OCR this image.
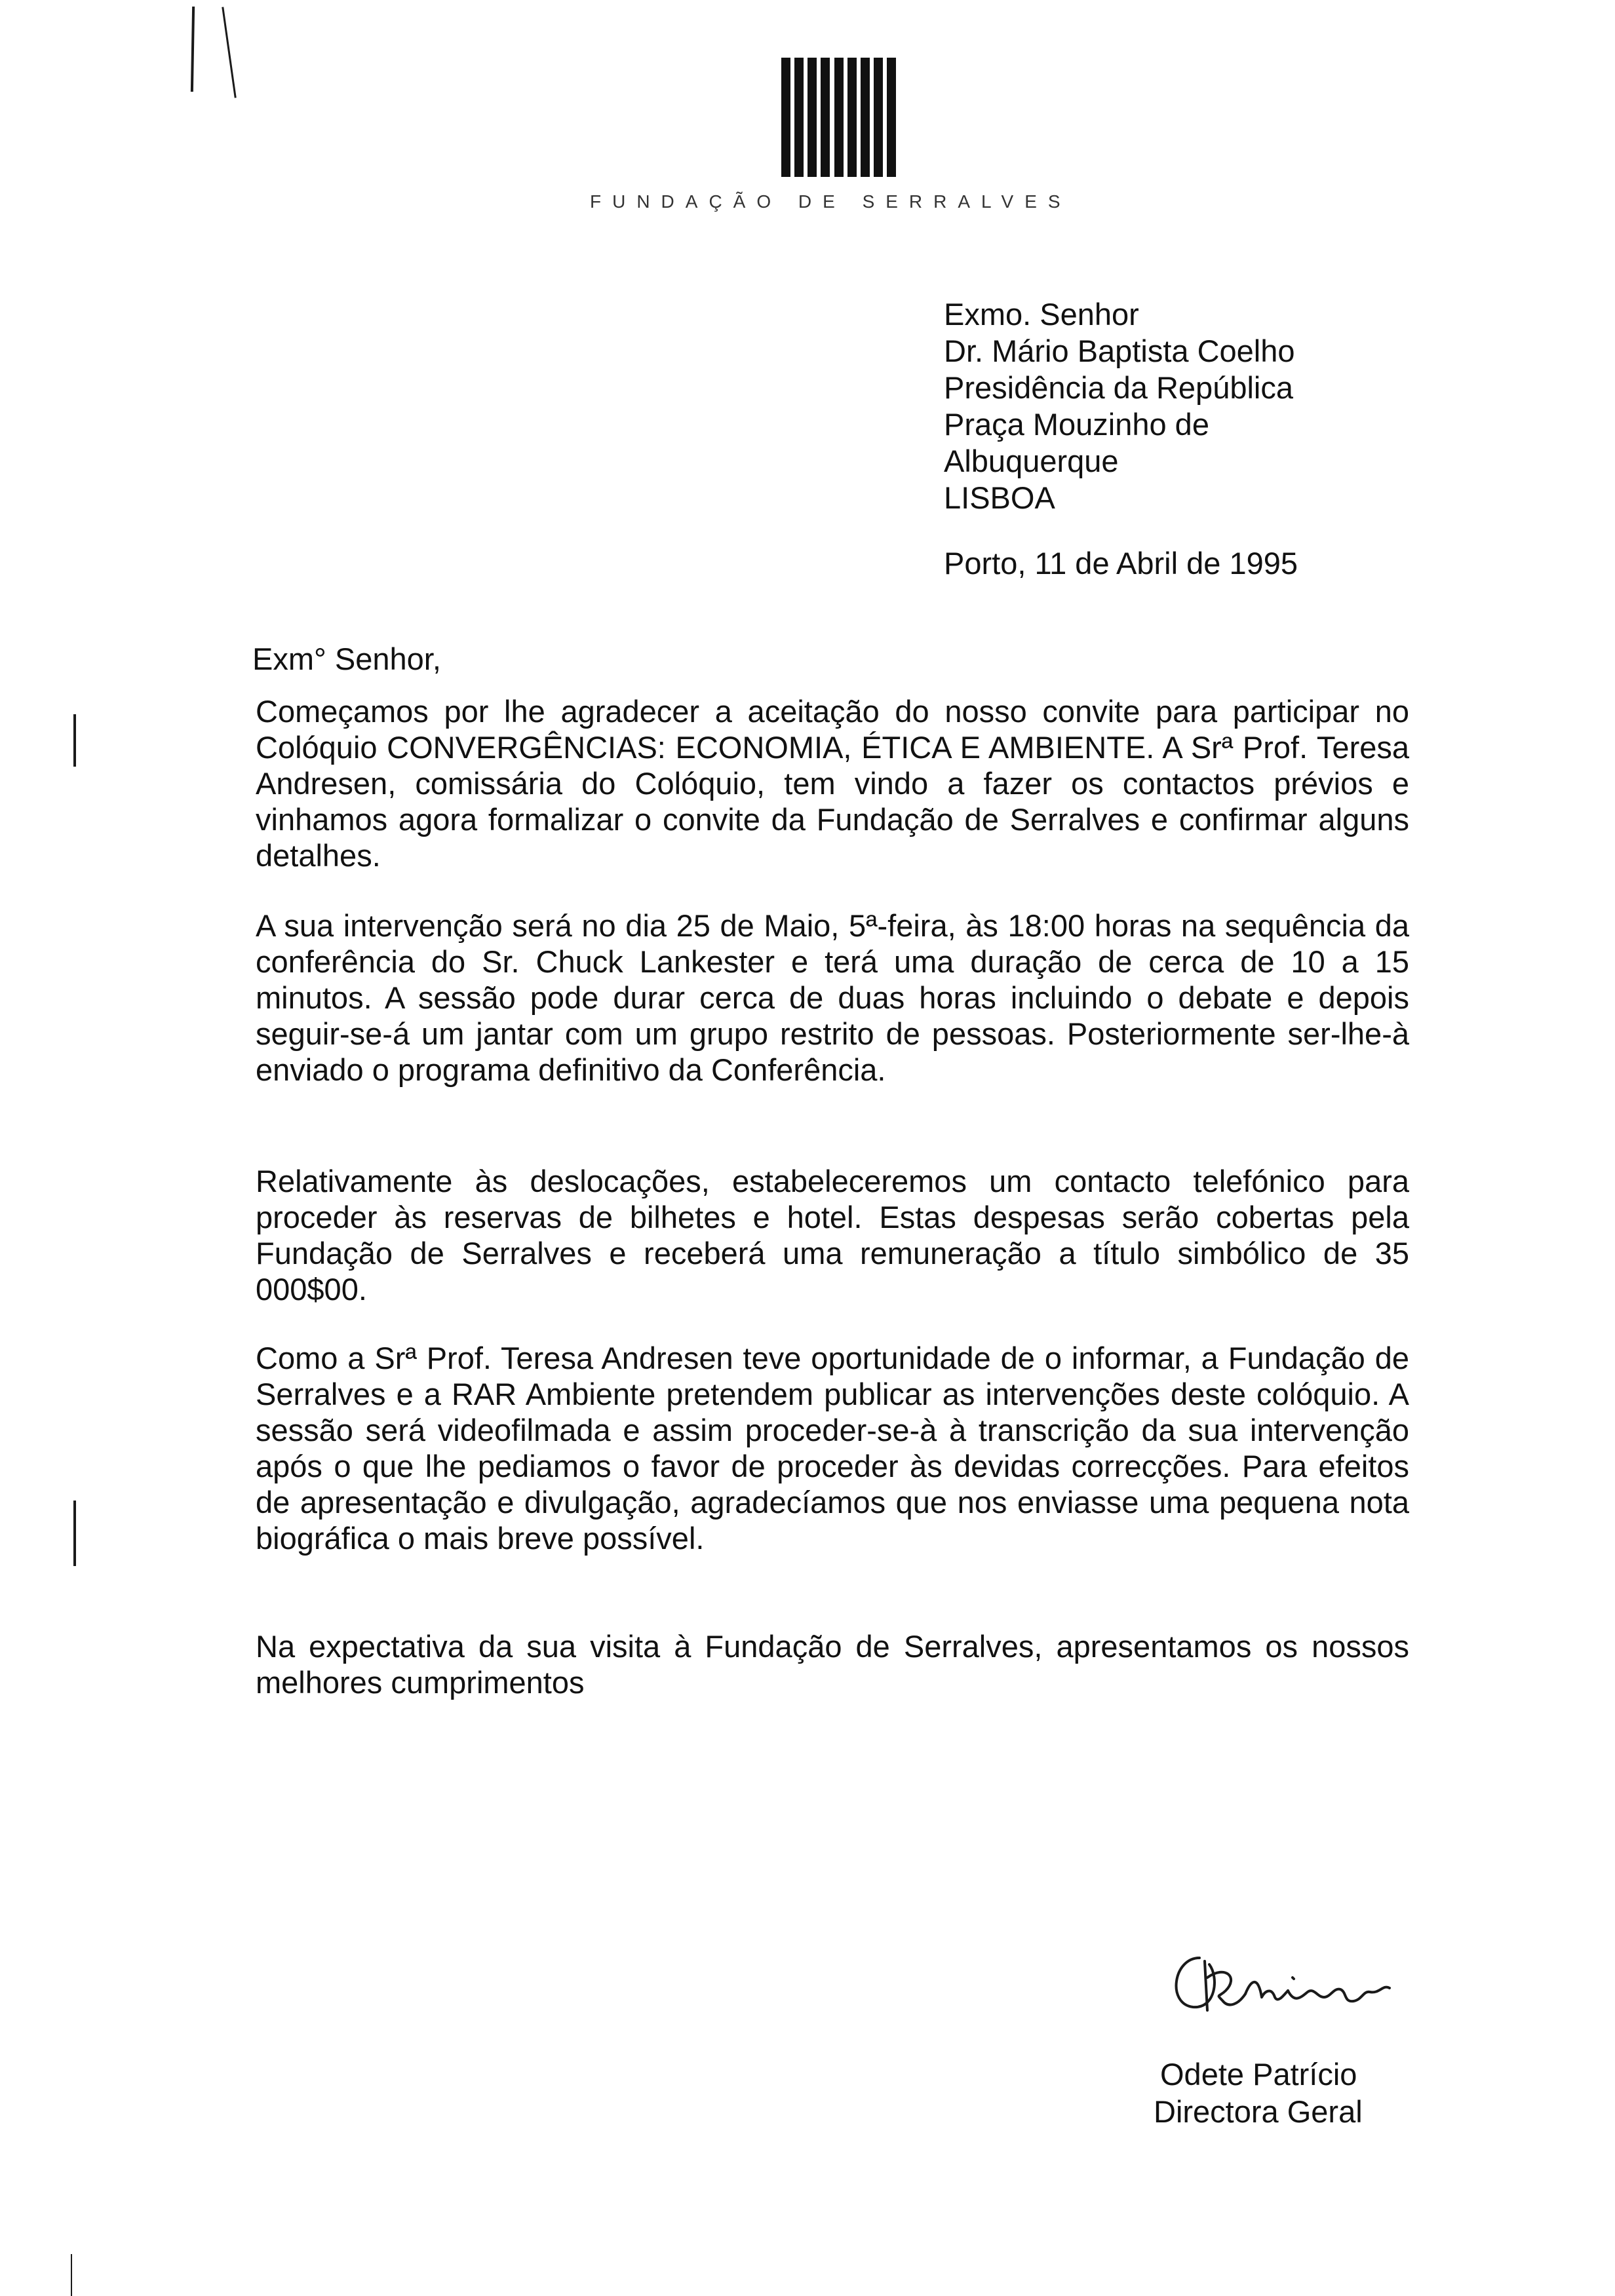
FUNDAÇÃO DE SERRALVES
Exmo. Senhor
Dr. Mário Baptista Coelho
Presidência da República
Praça Mouzinho de
Albuquerque
LISBOA
Porto, 11 de Abril de 1995
Exm° Senhor,

Começamos por lhe agradecer a aceitação do nosso convite para participar no Colóquio CONVERGÊNCIAS: ECONOMIA, ÉTICA E AMBIENTE. A Srª Prof. Teresa Andresen, comissária do Colóquio, tem vindo a fazer os contactos prévios e vinhamos agora formalizar o convite da Fundação de Serralves e confirmar alguns detalhes.

A sua intervenção será no dia 25 de Maio, 5ª-feira, às 18:00 horas na sequência da conferência do Sr. Chuck Lankester e terá uma duração de cerca de 10 a 15 minutos. A sessão pode durar cerca de duas horas incluindo o debate e depois seguir-se-á um jantar com um grupo restrito de pessoas. Posteriormente ser-lhe-à enviado o programa definitivo da Conferência.

Relativamente às deslocações, estabeleceremos um contacto telefónico para proceder às reservas de bilhetes e hotel. Estas despesas serão cobertas pela Fundação de Serralves e receberá uma remuneração a título simbólico de 35 000$00.

Como a Srª Prof. Teresa Andresen teve oportunidade de o informar, a Fundação de Serralves e a RAR Ambiente pretendem publicar as intervenções deste colóquio. A sessão será videofilmada e assim proceder-se-à à transcrição da sua intervenção após o que lhe pediamos o favor de proceder às devidas correcções. Para efeitos de apresentação e divulgação, agradecíamos que nos enviasse uma pequena nota biográfica o mais breve possível.

Na expectativa da sua visita à Fundação de Serralves, apresentamos os nossos melhores cumprimentos

Odete Patrício
Directora Geral
